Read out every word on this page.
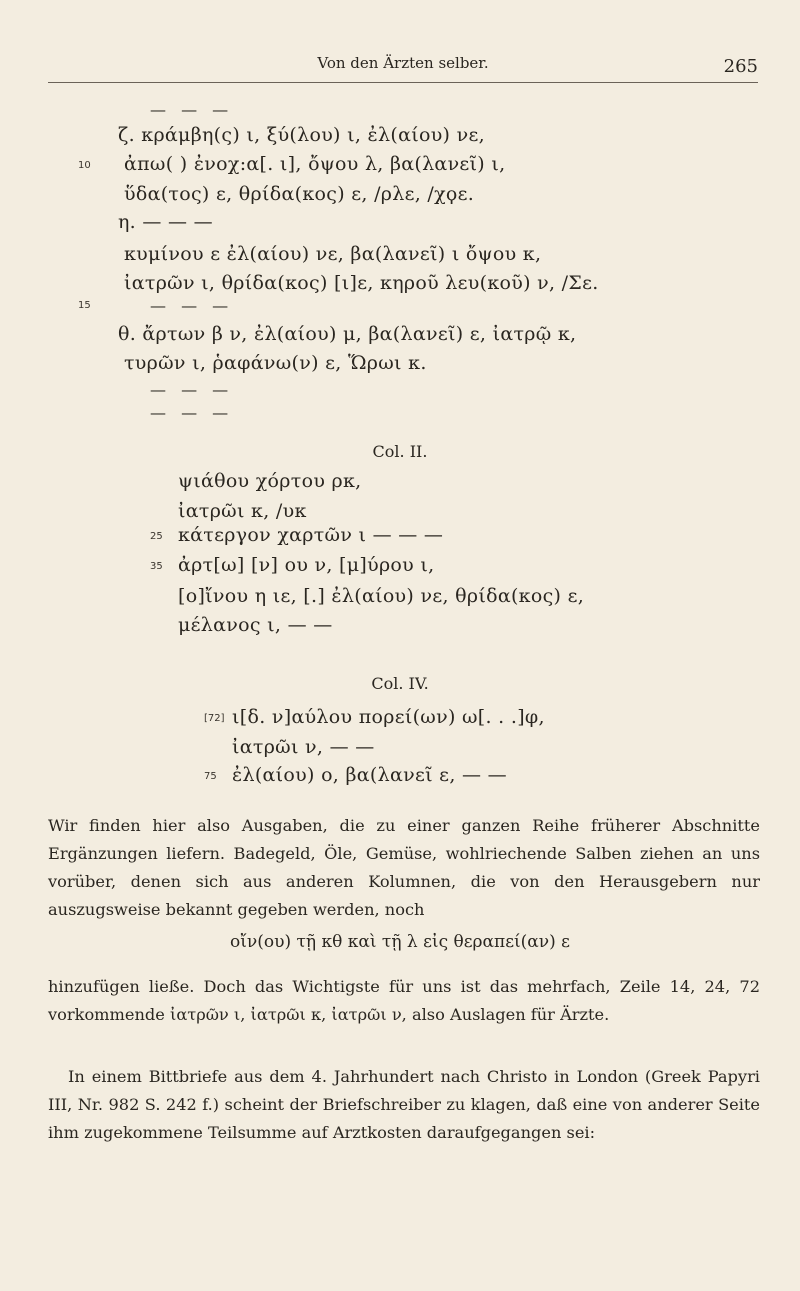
Von den Ärzten selber.	265
— — —
ζ. κράμβη(ς) ι, ξύ(λου) ι, ἐλ(αίου) νε,
10 ἀπω( ) ἐνοχ:α[. ι], ὄψου λ, βα(λανεῖ) ι,
ὕδα(τος) ε, θρίδα(κος) ε, /ρλε, /χϙε.
η. — — —
κυμίνου ε ἐλ(αίου) νε, βα(λανεῖ) ι ὄψου κ,
ἰατρῶν ι, θρίδα(κος) [ι]ε, κηροῦ λευ(κοῦ) ν, /Σε.
15	— — —
θ. ἄρτων β ν, ἐλ(αίου) μ, βα(λανεῖ) ε, ἰατρῷ κ,
τυρῶν ι, ῥαφάνω(ν) ε, Ὥρωι κ.
— — —
— — —
Col. II.
ψιάθου χόρτου ρκ,
ἰατρῶι κ, /υκ
25 κάτεργον χαρτῶν ι — — —
35 ἀρτ[ω] [ν] ου ν, [μ]ύρου ι,
[ο]ἴνου η ιε, [.] ἐλ(αίου) νε, θρίδα(κος) ε,
μέλανος ι, — —
Col. IV.
[72] ι[δ. ν]αύλου πορεί(ων) ω[. . .]φ,
ἰατρῶι ν, — —
75 ἐλ(αίου) ο, βα(λανεῖ ε, — —

Wir finden hier also Ausgaben, die zu einer ganzen Reihe früherer Abschnitte Ergänzungen liefern. Badegeld, Öle, Gemüse, wohlriechende Salben ziehen an uns vorüber, denen sich aus anderen Kolumnen, die von den Herausgebern nur auszugsweise bekannt gegeben werden, noch

οἴν(ου) τῇ κθ καὶ τῇ λ εἰς θεραπεί(αν) ε

hinzufügen ließe. Doch das Wichtigste für uns ist das mehrfach, Zeile 14, 24, 72 vorkommende ἰατρῶν ι, ἰατρῶι κ, ἰατρῶι ν, also Auslagen für Ärzte.

In einem Bittbriefe aus dem 4. Jahrhundert nach Christo in London (Greek Papyri III, Nr. 982 S. 242 f.) scheint der Briefschreiber zu klagen, daß eine von anderer Seite ihm zugekommene Teilsumme auf Arztkosten daraufgegangen sei:
